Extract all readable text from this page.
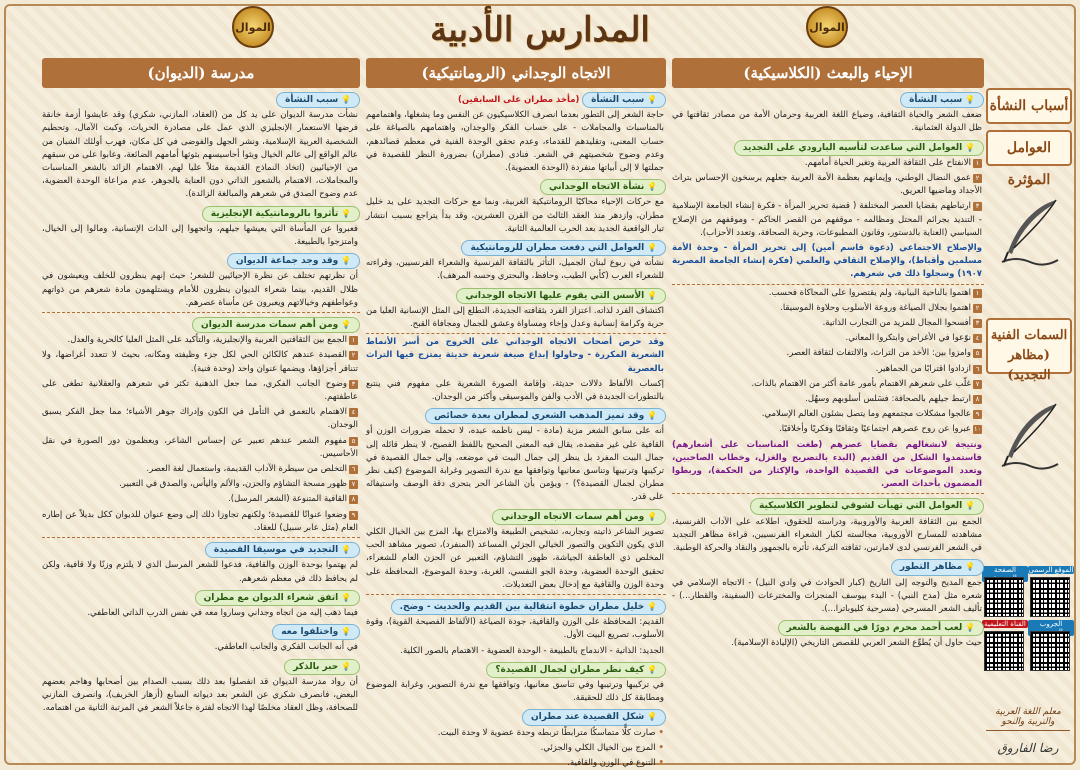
المدارس الأدبية	الموال
الموال
الإحياء والبعث (الكلاسيكية)
الاتجاه الوجداني (الرومانتيكية)
مدرسة (الديوان)
أسباب النشأة
العوامل المؤثرة
السمات الفنية
(مظاهر التجديد)
الموقع الرسمي
الصفحة
الجروب
القناة التعليمية
معلم اللغة العربية والتربية والنحو
رضا الفاروق
💡 سبب النشأة
ضعف الشعر والحياة الثقافية، وضياع اللغة العربية وحرمان الأمة من مصادر ثقافتها في ظل الدولة العثمانية.
💡 العوامل التي ساعدت لتأسيه البارودي على التجديد
١الانفتاح على الثقافة العربية وتغير الحياة أمامهم.
٢عمق النضال الوطني، وإيمانهم بعظمة الأمة العربية جعلهم يرسخون الإحساس بتراث الأجداد وماضيها العريق.
٣ارتباطهم بقضايا العصر المختلفة ( قضية تحرير المرأة - فكرة إنشاء الجامعة الإسلامية - التنديد بجرائم المحتل ومظالمه - موقفهم من القصر الحاكم - وموقفهم من الإصلاح السياسي (العناية بالدستور، وقانون المطبوعات، وحرية الصحافة، وتعدد الأحزاب).
والإصلاح الاجتماعي (دعوة قاسم أمين) إلى تحرير المرأة - وحدة الأمة مسلمين وأقباط)، والإصلاح الثقافي والعلمي (فكرة إنشاء الجامعة المصرية ١٩٠٧) وسجلوا ذلك في شعرهم.
١اهتموا بالناحية البيانية، ولم يقتصروا على المحاكاة فحسب.
٢اهتموا بجلال الصياغة وروعة الأسلوب وحلاوة الموسيقا.
٣أفسحوا المجال للمزيد من التجارب الذاتية.
٤نوّعوا في الأغراض وابتكروا المعاني.
٥وامزوا بين: الأخذ من التراث، والالتفات لثقافة العصر.
٦ازدادوا اقترابًا من الجماهير.
٧غلّب على شعرهم الاهتمام بأمور عامة أكثر من الاهتمام بالذات.
٨ارتبط جيلهم بالصحافة: فسَلس أسلوبهم وسهُل.
٩عالجوا مشكلات مجتمعهم وما يتصل بشئون العالم الإسلامي.
١٠عبروا عن روح عصرهم اجتماعيًا وثقافيًا وفكريًا وأخلاقيًا.
ونتيجة لانشغالهم بقضايا عصرهم (طغت المناسبات على أشعارهم) فاستمدوا الشكل من القديم (البدء بالتصريح والغزل، وخطاب الصاحبين، وتعدد الموضوعات في القصيدة الواحدة، والإكثار من الحكمة)، وربطوا المضمون بأحداث العصر.
💡 العوامل التي تهيأت لشوقي لتطوير الكلاسيكية
الجمع بين الثقافة العربية والأوروبية، ودراسته للحقوق، اطلاعه على الآداب الفرنسية، مشاهدته للمسارح الأوروبية، مجالسته لكبار الشعراء الفرنسيين، قراءة مظاهر التجديد في الشعر الفرنسي لدى لامارتين، ثقافته التركية، تأثره بالجمهور والنقاد والحركة الوطنية.
💡 مظاهر التطور
جمع المديح والتوجه إلى التاريخ (كبار الحوادث في وادي النيل) - الاتجاه الإسلامي في شعره مثل (مدح النبي) - البدء بيوسف المنجزات والمخترعات (السفينة، والقطار...) - تأليف الشعر المسرحي (مسرحية كليوباترا...).
💡 لعب أحمد محرم دورًا في النهضة بالشعر
حيث حاول أن يُطوِّع الشعر العربي للقصص التاريخي (الإلياذة الإسلامية).
💡 سبب النشأة (مأخذ مطران على السابقين)
حاجة الشعر إلى التطور بعدما انصرف الكلاسيكيون عن النفس وما يشغلها، واهتمامهم بالمناسبات والمجاملات - على حساب الفكر والوجدان، واهتمامهم بالصياغة على حساب المعنى، وتقليدهم للقدماء، وعدم تحقق الوحدة الفنية في معظم قصائدهم، وعدم وضوح شخصيتهم في الشعر. فنادى (مطران) بضرورة النظر للقصيدة في جملتها لا إلى أبياتها منفردة (الوحدة العضوية).
💡 نشأة الاتجاه الوجداني
مع حركات الإحياء محاكيًا الرومانتيكية الغربية، ونما مع حركات التجديد على يد خليل مطران، وازدهر منذ العقد الثالث من القرن العشرين، وقد بدأ يتراجع بسبب انتشار تيار الواقعية الجديد بعد الحرب العالمية الثانية.
💡 العوامل التي دفعت مطران للرومانتيكية
نشأته في ربوع لبنان الجميل، التأثر بالثقافة الفرنسية والشعراء الفرنسيين، وقراءته للشعراء العرب (كأبي الطيب، وحافظ، والبحتري وحسه المرهف).
💡 الأسس التي يقوم عليها الاتجاه الوجداني
اكتشاف الفرد لذاته. اعتزاز الفرد بثقافته الجديدة، التطلع إلى المثل الإنسانية العليا من حرية وكرامة إنسانية وعدل وإخاء ومساواة وعشق للجمال ومجافاة القبح.
وقد حرص أصحاب الاتجاه الوجداني على الخروج من أسر الأنماط الشعرية المكررة - وحاولوا إبداع صيغة شعرية حديثة يمتزج فيها التراث بالعصرية
إكساب الألفاظ دلالات حديثة، وإقامة الصورة الشعرية على مفهوم فني ينتبع بالتطورات الجديدة في الأدب والفن والموسيقى وأكثر من الوجدان.
💡 وقد تميز المذهب الشعري لمطران بعدة خصائص
أنه على سابق الشعر مزية (مادة - ليس ناظمه عبده، لا تحمله ضرورات الوزن أو القافية على غير مقصده، يقال فيه المعنى الصحيح باللفظ الفصيح، لا ينظر قائله إلى جمال البيت المفرد بل ينظر إلى جمال البيت في موضعه، وإلى جمال القصيدة في تركيبها وترتيبها وتناسق معانيها وتوافقها مع ندرة التصوير وغرابة الموضوع (كيف نظر مطران لجمال القصيدة؟) - ويؤمن بأن الشاعر الحر يتحرى دقة الوصف واستيفائه على قدر.
💡 ومن أهم سمات الاتجاه الوجداني
تصوير الشاعر ذاتيته وتجاربه، تشخيص الطبيعة والامتزاج بها، المزج بين الخيال الكلي الذي يكون التكوين والتصور الخيالي الجزئي المساعد (المنفرد)، تصوير مشاهد الحب المخلص ذي العاطفة الجياشة، ظهور التشاؤم، التعبير عن الحزن العام للشعراء، تحقيق الوحدة العضوية، وحدة الجو النفسي، الغربة، وحدة الموضوع، المحافظة على وحدة الوزن والقافية مع إدخال بعض التعديلات.
💡 خليل مطران خطوة انتقالية بين القديم والحديث - وضح.
القديم: المحافظة على الوزن والقافية، جودة الصياغة (الألفاظ الفصيحة القوية)، وقوة الأسلوب، تصريع البيت الأول.
الجديد: الذاتية - الاندماج بالطبيعة - الوحدة العضوية - الاهتمام بالصور الكلية.
💡 كيف نظر مطران لجمال القصيدة؟
في تركيبها وترتيبها وفي تناسق معانيها، وتوافقها مع ندرة التصوير، وغرابة الموضوع ومطابقة كل ذلك للحقيقة.
💡 شكل القصيدة عند مطران
• صارت كلًّا متماسكًا مترابطًا تربطه وحدة عضوية لا وحدة البيت.
• المزج بين الخيال الكلي والجزئي.
• التنوع في الوزن والقافية.
💡 سبب النشأة
نشأت مدرسة الديوان على يد كل من (العقاد، المازني، شكري) وقد عايشوا أزمة خانقة فرضها الاستعمار الإنجليزي الذي عمل على مصادرة الحريات، وكبت الآمال، وتحطيم الشخصية العربية الإسلامية، ونشر الجهل والفوضى في كل مكان، فهرب أولئك الشبان من عالم الواقع إلى عالم الخيال وبثوا أحاسيسهم بثوثها أمامهم الضائعة، وعابوا على من سبقهم من الإحيائيين (اتخاذ النماذج القديمة مثلاً عليا لهم، الاهتمام الزائد بالشعر المناسبات والمجاملات، الاهتمام بالشعور الذاتي دون العناية بالجوهر، عدم مراعاة الوحدة العضوية، عدم وضوح الصدق في شعرهم والمبالغة الزائدة).
💡 تأثروا بالرومانتيكية الإنجليزية
فعبروا عن المأساة التي يعيشها جيلهم، واتجهوا إلى الذات الإنسانية، ومالوا إلى الخيال، وامتزجوا بالطبيعة.
💡 وقد وجد جماعة الديوان
أن نظرتهم تختلف عن نظرة الإحيائيين للشعر؛ حيث إنهم ينظرون للخلف ويعيشون في ظلال القديم، بينما شعراء الديوان ينظرون للأمام ويستلهمون مادة شعرهم من ذواتهم وعواطفهم وخيالاتهم ويعبرون عن مأساة عصرهم.
💡 ومن أهم سمات مدرسة الديوان
١الجمع بين الثقافتين العربية والإنجليزية، والتأكيد على المثل العليا كالحرية والعدل.
٢القصيدة عندهم كالكائن الحي لكل جزء وظيفته ومكانه، بحيث لا تتعدد أغراضها، ولا تتنافر أجزاؤها، ويضمها عنوان واحد (وحدة فنية).
٣وضوح الجانب الفكري، مما جعل الذهنية تكثر في شعرهم والعقلانية تطغى على عاطفتهم.
٤الاهتمام بالتعمق في التأمل في الكون وإدراك جوهر الأشياء؛ مما جعل الفكر يسبق الوجدان.
٥مفهوم الشعر عندهم تعبير عن إحساس الشاعر، ويعظمون دور الصورة في نقل الأحاسيس.
٦التخلص من سيطرة الآداب القديمة، واستعمال لغة العصر.
٧ظهور مسحة التشاؤم والحزن، والألم واليأس، والصدق في التعبير.
٨القافية المتنوعة (الشعر المرسل).
٩وضعوا عنوانًا للقصيدة؛ ولكنهم تجاوزا ذلك إلى وضع عنوان للديوان ككل بديلاً عن إطاره العام (مثل عابر سبيل) للعقاد.
💡 التجديد في موسيقا القصيدة
لم يهتموا بوحدة الوزن والقافية، فدعوا للشعر المرسل الذي لا يلتزم وزنًا ولا قافية، ولكن لم يحافظ ذلك في معظم شعرهم.
💡 اتفق شعراء الديوان مع مطران
فيما ذهب إليه من اتجاه وجداني وساروا معه في نفس الدرب الذاتي العاطفي.
💡 واختلفوا معه
في أنه الجانب الفكري والجانب العاطفي.
💡 حبر بالذكر
أن رواد مدرسة الديوان قد انفصلوا بعد ذلك بسبب الصدام بين أصحابها وهاجم بعضهم البعض، فانصرف شكري عن الشعر بعد ديوانه السابع (أزهار الخريف)، وانصرف المازني للصحافة، وظل العقاد مخلصًا لهذا الاتجاه لفترة جاعلاً الشعر في المرتبة الثانية من اهتمامه.
